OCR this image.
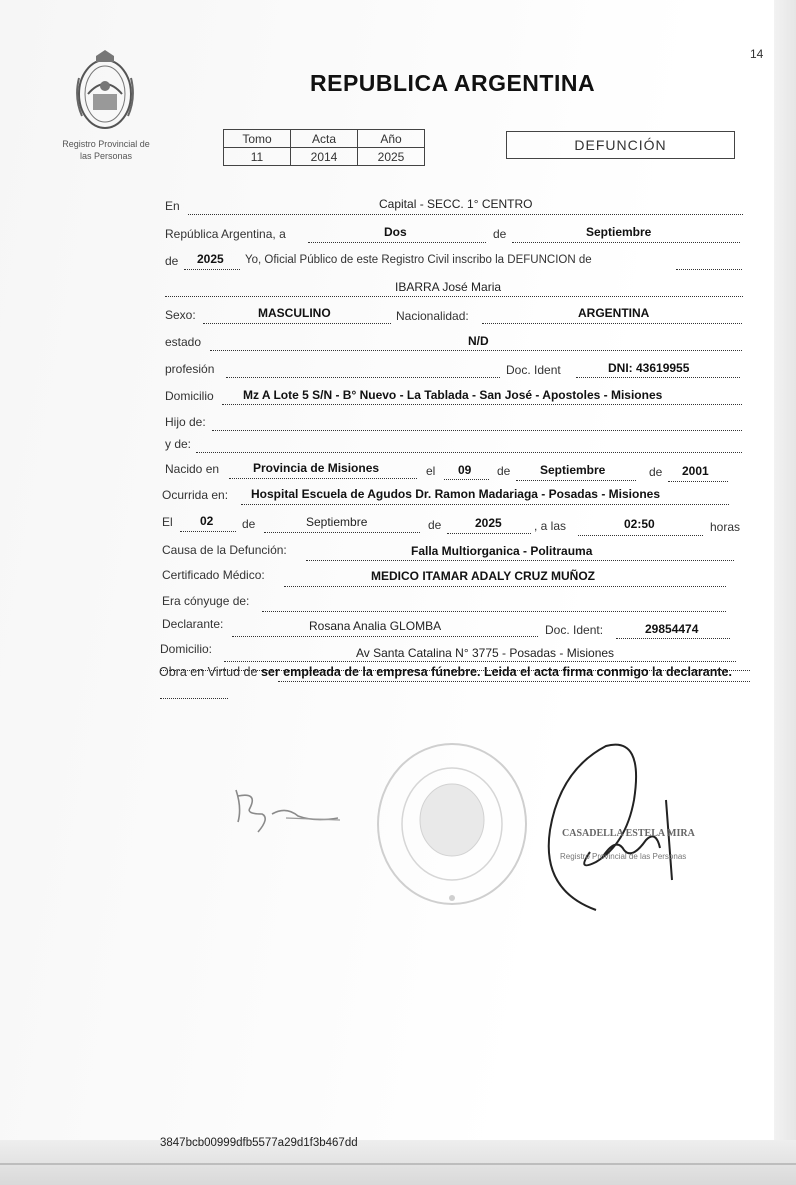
14
Registro Provincial de
las Personas
REPUBLICA ARGENTINA
Tomo	Acta	Año
11	2014	2025
DEFUNCIÓN
En	Capital - SECC. 1° CENTRO
República Argentina, a	Dos	de	Septiembre
de 2025 Yo, Oficial Público de este Registro Civil inscribo la DEFUNCION de
IBARRA José Maria
Sexo:	MASCULINO	Nacionalidad:	ARGENTINA
estado	N/D
profesión	Doc. Ident	DNI: 43619955
Domicilio Mz A Lote 5 S/N - B° Nuevo - La Tablada - San José - Apostoles - Misiones
Hijo de:
y de:
Nacido en	Provincia de Misiones	el 09 de Septiembre	de 2001
Ocurrida en: Hospital Escuela de Agudos Dr. Ramon Madariaga - Posadas - Misiones
El 02 de	Septiembre	de	2025	, a las	02:50	horas
Causa de la Defunción:	Falla Multiorganica - Politrauma
Certificado Médico:	MEDICO ITAMAR ADALY CRUZ MUÑOZ
Era cónyuge de:
Declarante:	Rosana Analia GLOMBA	Doc. Ident:	29854474
Domicilio:	Av Santa Catalina N° 3775 - Posadas - Misiones
Obra en Virtud de ser empleada de la empresa fúnebre. Leida el acta firma conmigo la declarante.
CASADELLA ESTELA MIRA
Registro Provincial de las Personas
3847bcb00999dfb5577a29d1f3b467dd
